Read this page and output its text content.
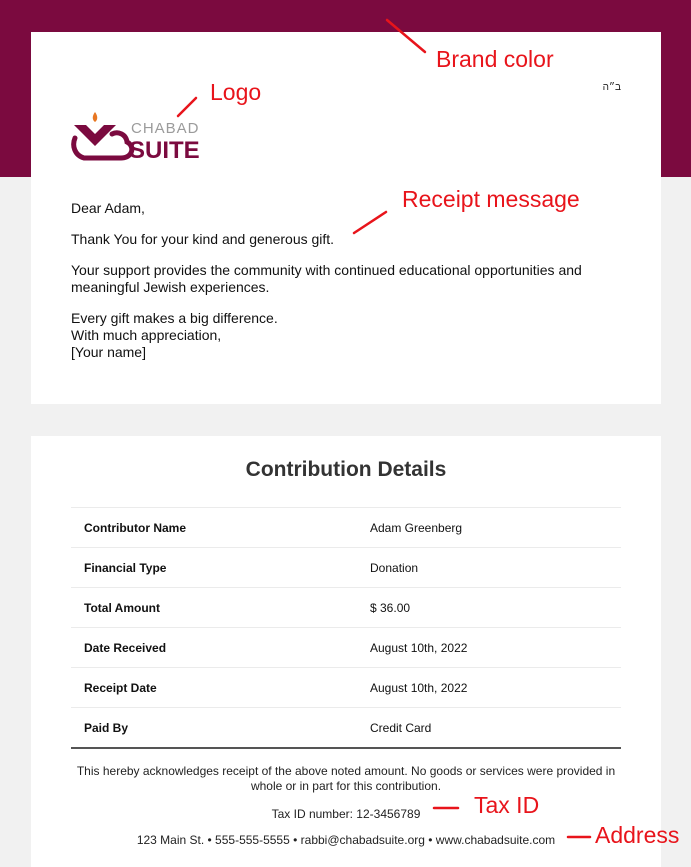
ב״ה
CHABAD
SUITE

Dear Adam,

Thank You for your kind and generous gift.

Your support provides the community with continued educational opportunities and meaningful Jewish experiences.

Every gift makes a big difference.

With much appreciation,

[Your name]

Contribution Details
Contributor Name	Adam Greenberg
Financial Type	Donation
Total Amount	$ 36.00
Date Received	August 10th, 2022
Receipt Date	August 10th, 2022
Paid By	Credit Card
This hereby acknowledges receipt of the above noted amount. No goods or services were provided in whole or in part for this contribution.
Tax ID number: 12-3456789
123 Main St. • 555-555-5555 • rabbi@chabadsuite.org • www.chabadsuite.com
Brand color
Logo
Receipt message
Tax ID
Address
